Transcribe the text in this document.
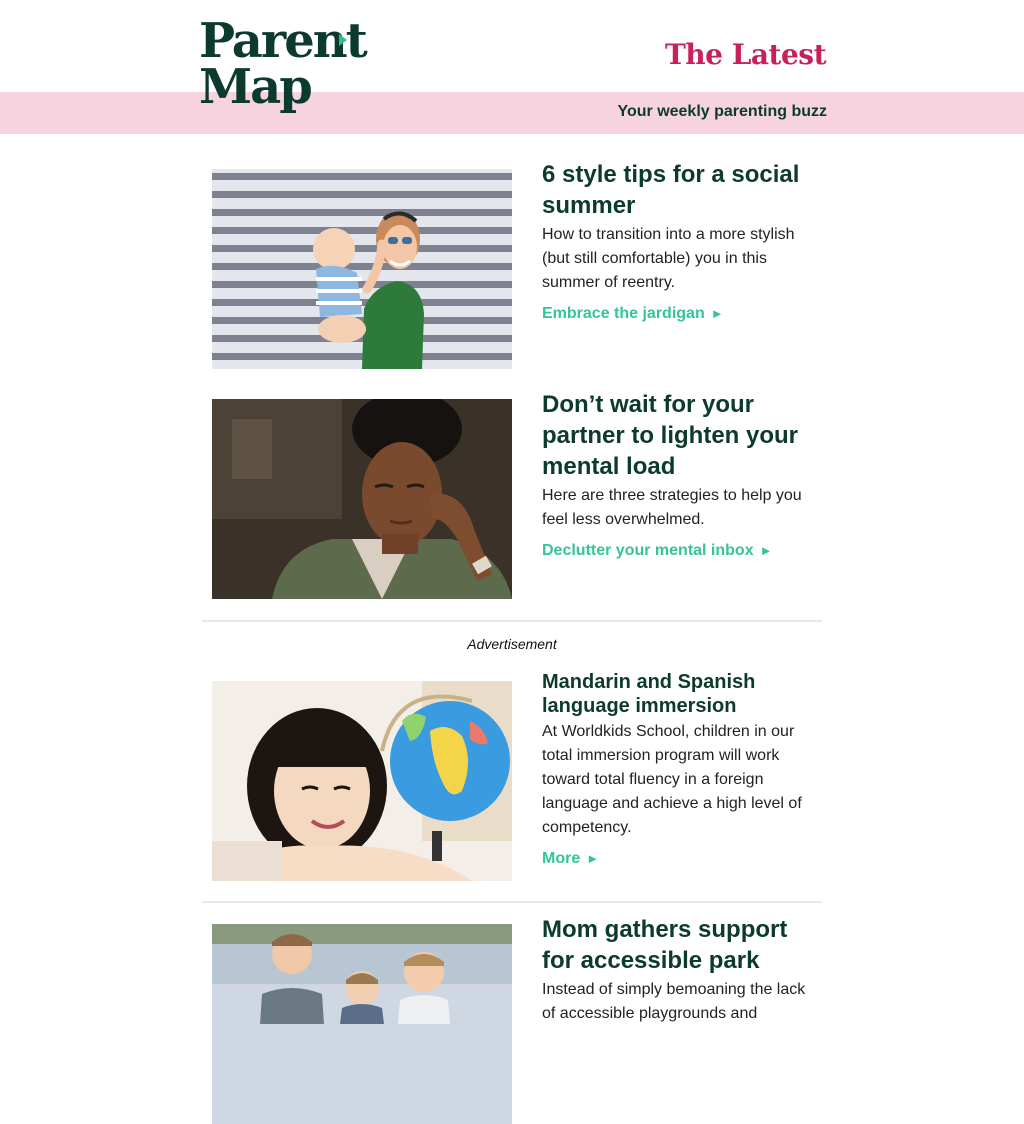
Parent
Map
The Latest
Your weekly parenting buzz
6 style tips for a social summer

How to transition into a more stylish (but still comfortable) you in this summer of reentry.

Embrace the jardigan ►
Don’t wait for your partner to lighten your mental load

Here are three strategies to help you feel less overwhelmed.

Declutter your mental inbox ►
Advertisement
Mandarin and Spanish language immersion

At Worldkids School, children in our total immersion program will work toward total fluency in a foreign language and achieve a high level of competency.

More ►
Mom gathers support for accessible park

Instead of simply bemoaning the lack of accessible playgrounds and
